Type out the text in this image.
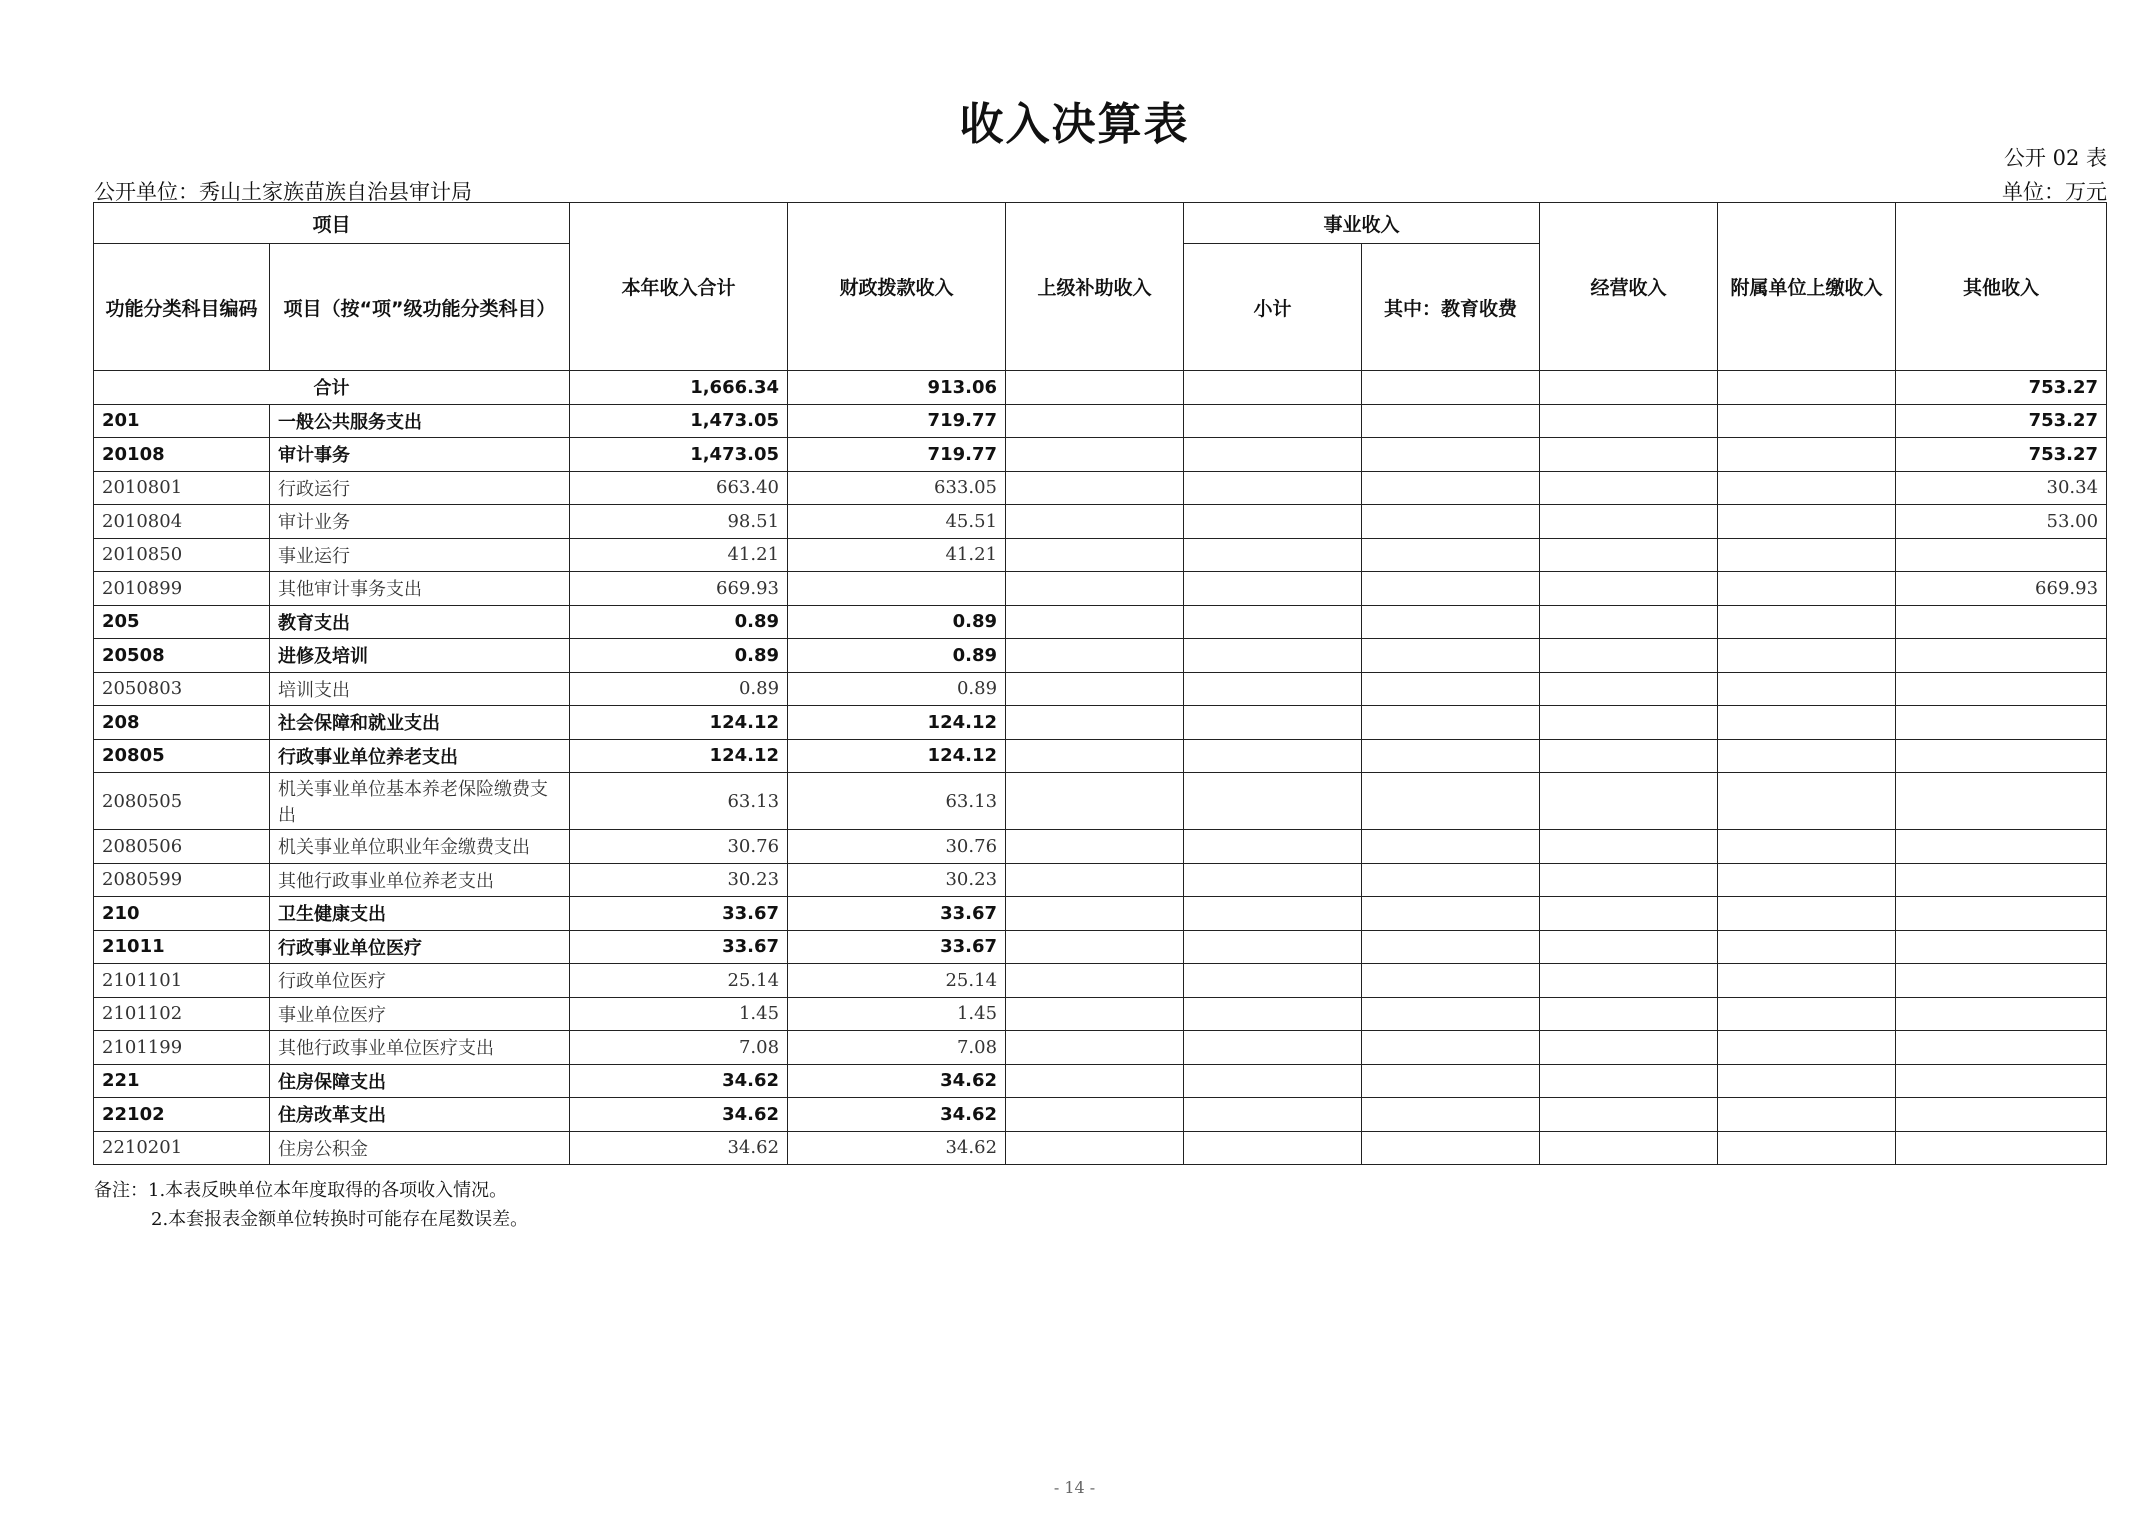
收入决算表
公开 02 表
公开单位：秀山土家族苗族自治县审计局	单位：万元
项目		本年收入合计	财政拨款收入	上级补助收入	事业收入		经营收入	附属单位上缴收入	其他收入
功能分类科目编码	项目（按“项”级功能分类科目）				小计	其中：教育收费			
合计		1,666.34	913.06						753.27
201	一般公共服务支出	1,473.05	719.77						753.27
20108	审计事务	1,473.05	719.77						753.27
2010801	行政运行	663.40	633.05						30.34
2010804	审计业务	98.51	45.51						53.00
2010850	事业运行	41.21	41.21						
2010899	其他审计事务支出	669.93							669.93
205	教育支出	0.89	0.89						
20508	进修及培训	0.89	0.89						
2050803	培训支出	0.89	0.89						
208	社会保障和就业支出	124.12	124.12						
20805	行政事业单位养老支出	124.12	124.12						
2080505	机关事业单位基本养老保险缴费支出	63.13	63.13						
2080506	机关事业单位职业年金缴费支出	30.76	30.76						
2080599	其他行政事业单位养老支出	30.23	30.23						
210	卫生健康支出	33.67	33.67						
21011	行政事业单位医疗	33.67	33.67						
2101101	行政单位医疗	25.14	25.14						
2101102	事业单位医疗	1.45	1.45						
2101199	其他行政事业单位医疗支出	7.08	7.08						
221	住房保障支出	34.62	34.62						
22102	住房改革支出	34.62	34.62						
2210201	住房公积金	34.62	34.62						
备注：1.本表反映单位本年度取得的各项收入情况。
2.本套报表金额单位转换时可能存在尾数误差。
- 14 -
